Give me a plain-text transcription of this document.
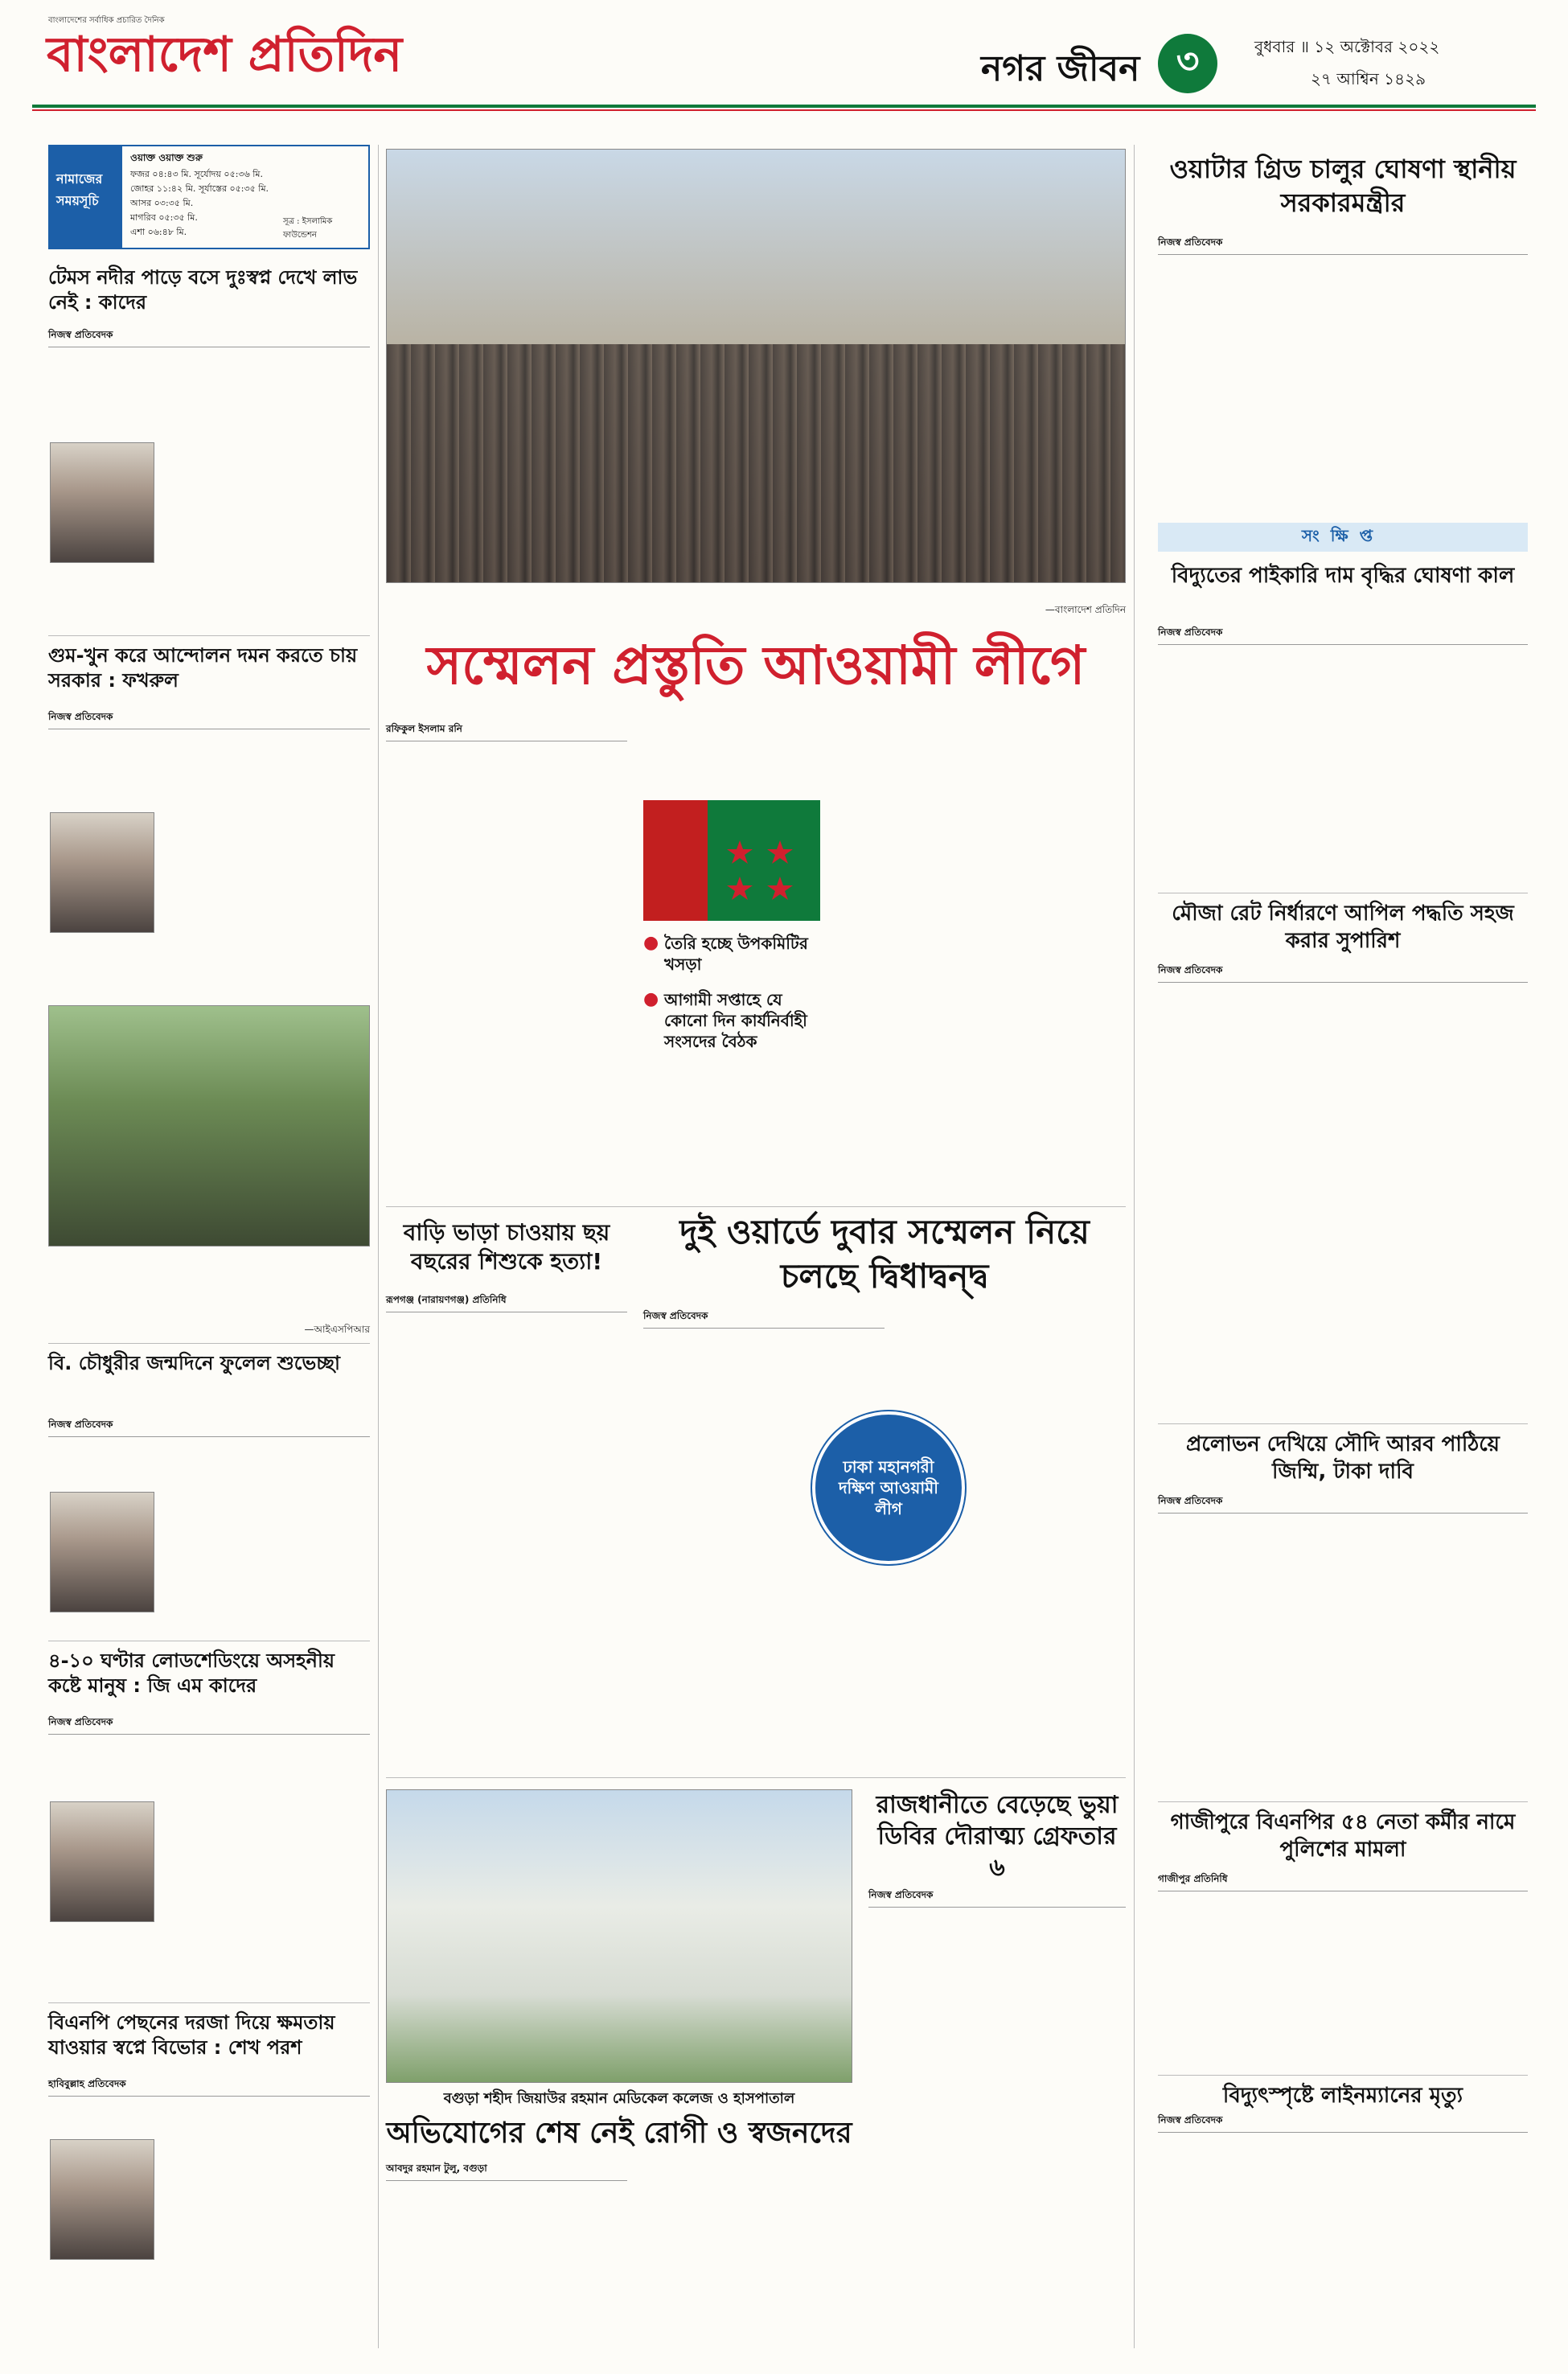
বাংলাদেশের সর্বাধিক প্রচারিত দৈনিক
বাংলাদেশ প্রতিদিন	নগর জীবন ৩	বুধবার ॥ ১২ অক্টোবর ২০২২
২৭ আশ্বিন ১৪২৯
নামাজের সময়সূচি
ওয়াক্ত ওয়াক্ত শুরু
ফজর ০৪:৪৩ মি. সূর্যোদয় ০৫:৩৬ মি.
জোহর ১১:৪২ মি. সূর্যাস্তের ০৫:৩৫ মি.
আসর ০৩:৩৫ মি.
মাগরিব ০৫:৩৫ মি.
এশা ০৬:৪৮ মি.
সূত্র : ইসলামিক ফাউন্ডেশন
টেমস নদীর পাড়ে বসে দুঃস্বপ্ন দেখে লাভ নেই : কাদের
নিজস্ব প্রতিবেদক
গুম-খুন করে আন্দোলন দমন করতে চায় সরকার : ফখরুল
নিজস্ব প্রতিবেদক
—আইএসপিআর
বি. চৌধুরীর জন্মদিনে ফুলেল শুভেচ্ছা
নিজস্ব প্রতিবেদক
৪-১০ ঘণ্টার লোডশেডিংয়ে অসহনীয় কষ্টে মানুষ : জি এম কাদের
নিজস্ব প্রতিবেদক
বিএনপি পেছনের দরজা দিয়ে ক্ষমতায় যাওয়ার স্বপ্নে বিভোর : শেখ পরশ
হাবিবুল্লাহ প্রতিবেদক
—বাংলাদেশ প্রতিদিন
সম্মেলন প্রস্তুতি আওয়ামী লীগে
রফিকুল ইসলাম রনি
● তৈরি হচ্ছে উপকমিটির খসড়া
● আগামী সপ্তাহে যে কোনো দিন কার্যনির্বাহী সংসদের বৈঠক
বাড়ি ভাড়া চাওয়ায় ছয় বছরের শিশুকে হত্যা!
রূপগঞ্জ (নারায়ণগঞ্জ) প্রতিনিধি
দুই ওয়ার্ডে দুবার সম্মেলন নিয়ে চলছে দ্বিধাদ্বন্দ্ব
নিজস্ব প্রতিবেদক
ঢাকা মহানগরী দক্ষিণ আওয়ামী লীগ
বগুড়া শহীদ জিয়াউর রহমান মেডিকেল কলেজ ও হাসপাতাল
অভিযোগের শেষ নেই রোগী ও স্বজনদের
আবদুর রহমান টুলু, বগুড়া
রাজধানীতে বেড়েছে ভুয়া ডিবির দৌরাত্ম্য গ্রেফতার ৬
নিজস্ব প্রতিবেদক
ওয়াটার গ্রিড চালুর ঘোষণা স্থানীয় সরকারমন্ত্রীর
নিজস্ব প্রতিবেদক
সংক্ষিপ্ত
বিদ্যুতের পাইকারি দাম বৃদ্ধির ঘোষণা কাল
নিজস্ব প্রতিবেদক
মৌজা রেট নির্ধারণে আপিল পদ্ধতি সহজ করার সুপারিশ
নিজস্ব প্রতিবেদক
প্রলোভন দেখিয়ে সৌদি আরব পাঠিয়ে জিম্মি, টাকা দাবি
নিজস্ব প্রতিবেদক
গাজীপুরে বিএনপির ৫৪ নেতা কর্মীর নামে পুলিশের মামলা
গাজীপুর প্রতিনিধি
বিদ্যুৎস্পৃষ্টে লাইনম্যানের মৃত্যু
নিজস্ব প্রতিবেদক
